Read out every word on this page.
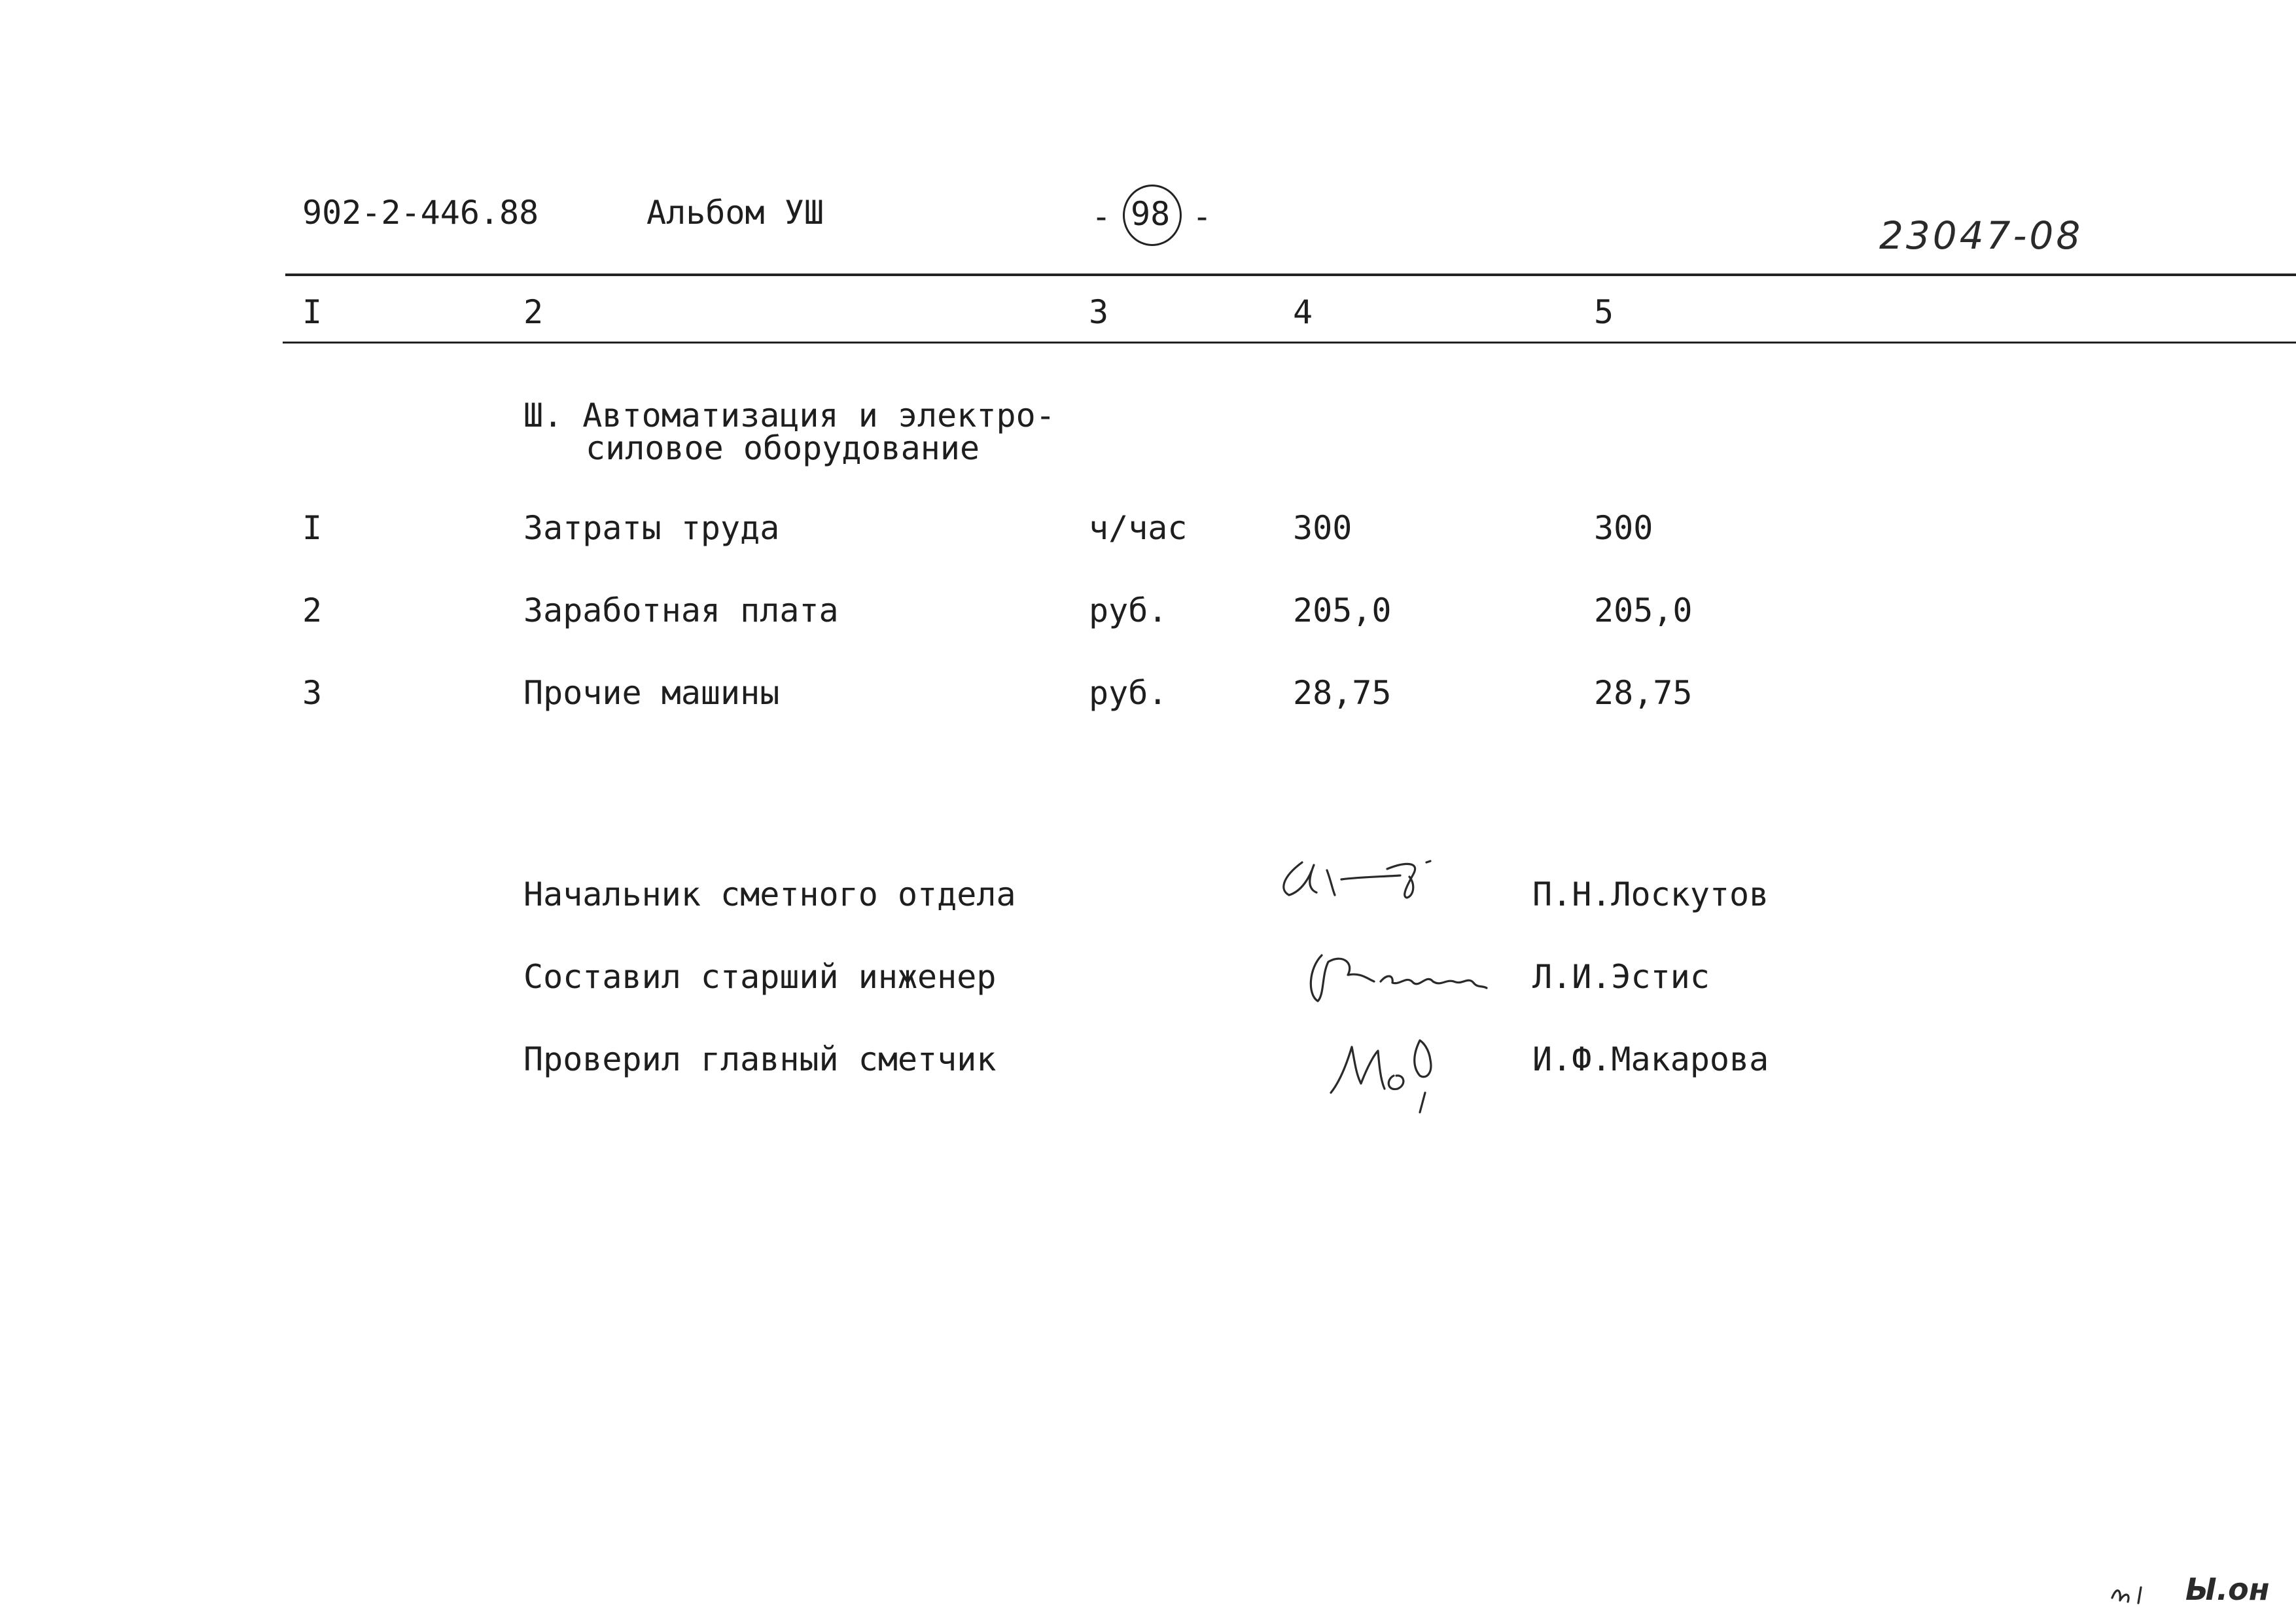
902-2-446.88	Альбом УШ	- 98 -	23047-08
I	2	3	4	5
Ш. Автоматизация и электро-
силовое оборудование
I	Затраты труда	ч/час	300	300
2	Заработная плата	руб.	205,0	205,0
3	Прочие машины	руб.	28,75	28,75
Начальник сметного отдела	П.Н.Лоскутов
Составил старший инженер	Л.И.Эстис
Проверил главный сметчик	И.Ф.Макарова
Ы.он
